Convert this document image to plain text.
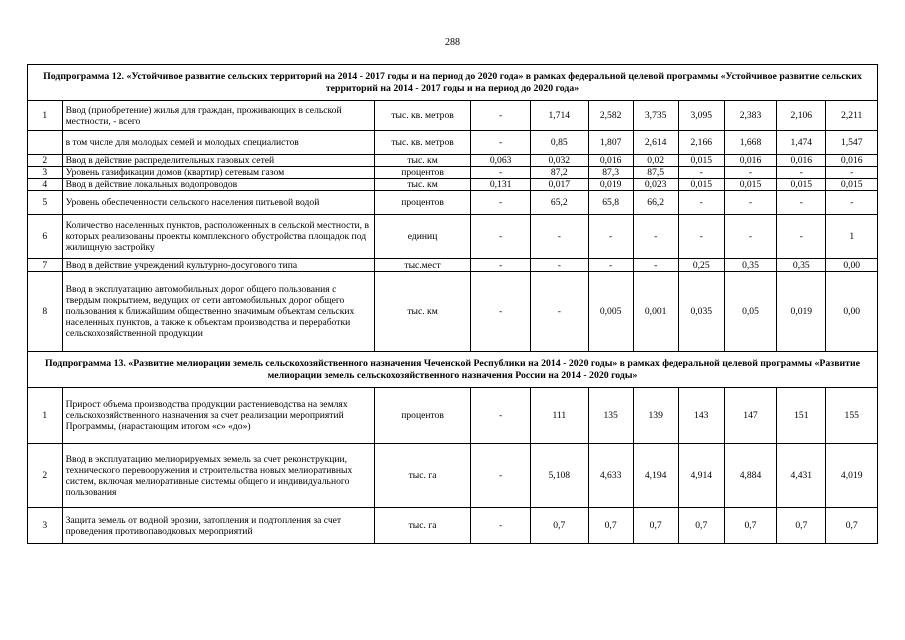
288
Подпрограмма 12. «Устойчивое развитие сельских территорий на 2014 - 2017 годы и на период до 2020 года» в рамках федеральной целевой программы «Устойчивое развитие сельских территорий на 2014 - 2017 годы и на период до 2020 года»										
1	Ввод (приобретение) жилья для граждан, проживающих в сельской местности, - всего	тыс. кв. метров	-	1,714	2,582	3,735	3,095	2,383	2,106	2,211
	в том числе для молодых семей и молодых специалистов	тыс. кв. метров	-	0,85	1,807	2,614	2,166	1,668	1,474	1,547
2	Ввод в действие распределительных газовых сетей	тыс. км	0,063	0,032	0,016	0,02	0,015	0,016	0,016	0,016
3	Уровень газификации домов (квартир) сетевым газом	процентов	-	87,2	87,3	87,5	-	-	-	-
4	Ввод в действие локальных водопроводов	тыс. км	0,131	0,017	0,019	0,023	0,015	0,015	0,015	0,015
5	Уровень обеспеченности сельского населения питьевой водой	процентов	-	65,2	65,8	66,2	-	-	-	-
6	Количество населенных пунктов, расположенных в сельской местности, в которых реализованы проекты комплексного обустройства площадок под жилищную застройку	единиц	-	-	-	-	-	-	-	1
7	Ввод в действие учреждений культурно-досугового типа	тыс.мест	-	-	-	-	0,25	0,35	0,35	0,00
8	Ввод в эксплуатацию автомобильных дорог общего пользования с твердым покрытием, ведущих от сети автомобильных дорог общего пользования к ближайшим общественно значимым объектам сельских населенных пунктов, а также к объектам производства и переработки сельскохозяйственной продукции	тыс. км	-	-	0,005	0,001	0,035	0,05	0,019	0,00
Подпрограмма 13. «Развитие мелиорации земель сельскохозяйственного назначения Чеченской Республики на 2014 - 2020 годы» в рамках федеральной целевой программы «Развитие мелиорации земель сельскохозяйственного назначения России на 2014 - 2020 годы»										
1	Прирост объема производства продукции растениеводства на землях сельскохозяйственного назначения за счет реализации мероприятий Программы, (нарастающим итогом «с» «до»)	процентов	-	111	135	139	143	147	151	155
2	Ввод в эксплуатацию мелиорируемых земель за счет реконструкции, технического перевооружения и строительства новых мелиоративных систем, включая мелиоративные системы общего и индивидуального пользования	тыс. га	-	5,108	4,633	4,194	4,914	4,884	4,431	4,019
3	Защита земель от водной эрозии, затопления и подтопления за счет проведения противопаводковых мероприятий	тыс. га	-	0,7	0,7	0,7	0,7	0,7	0,7	0,7
